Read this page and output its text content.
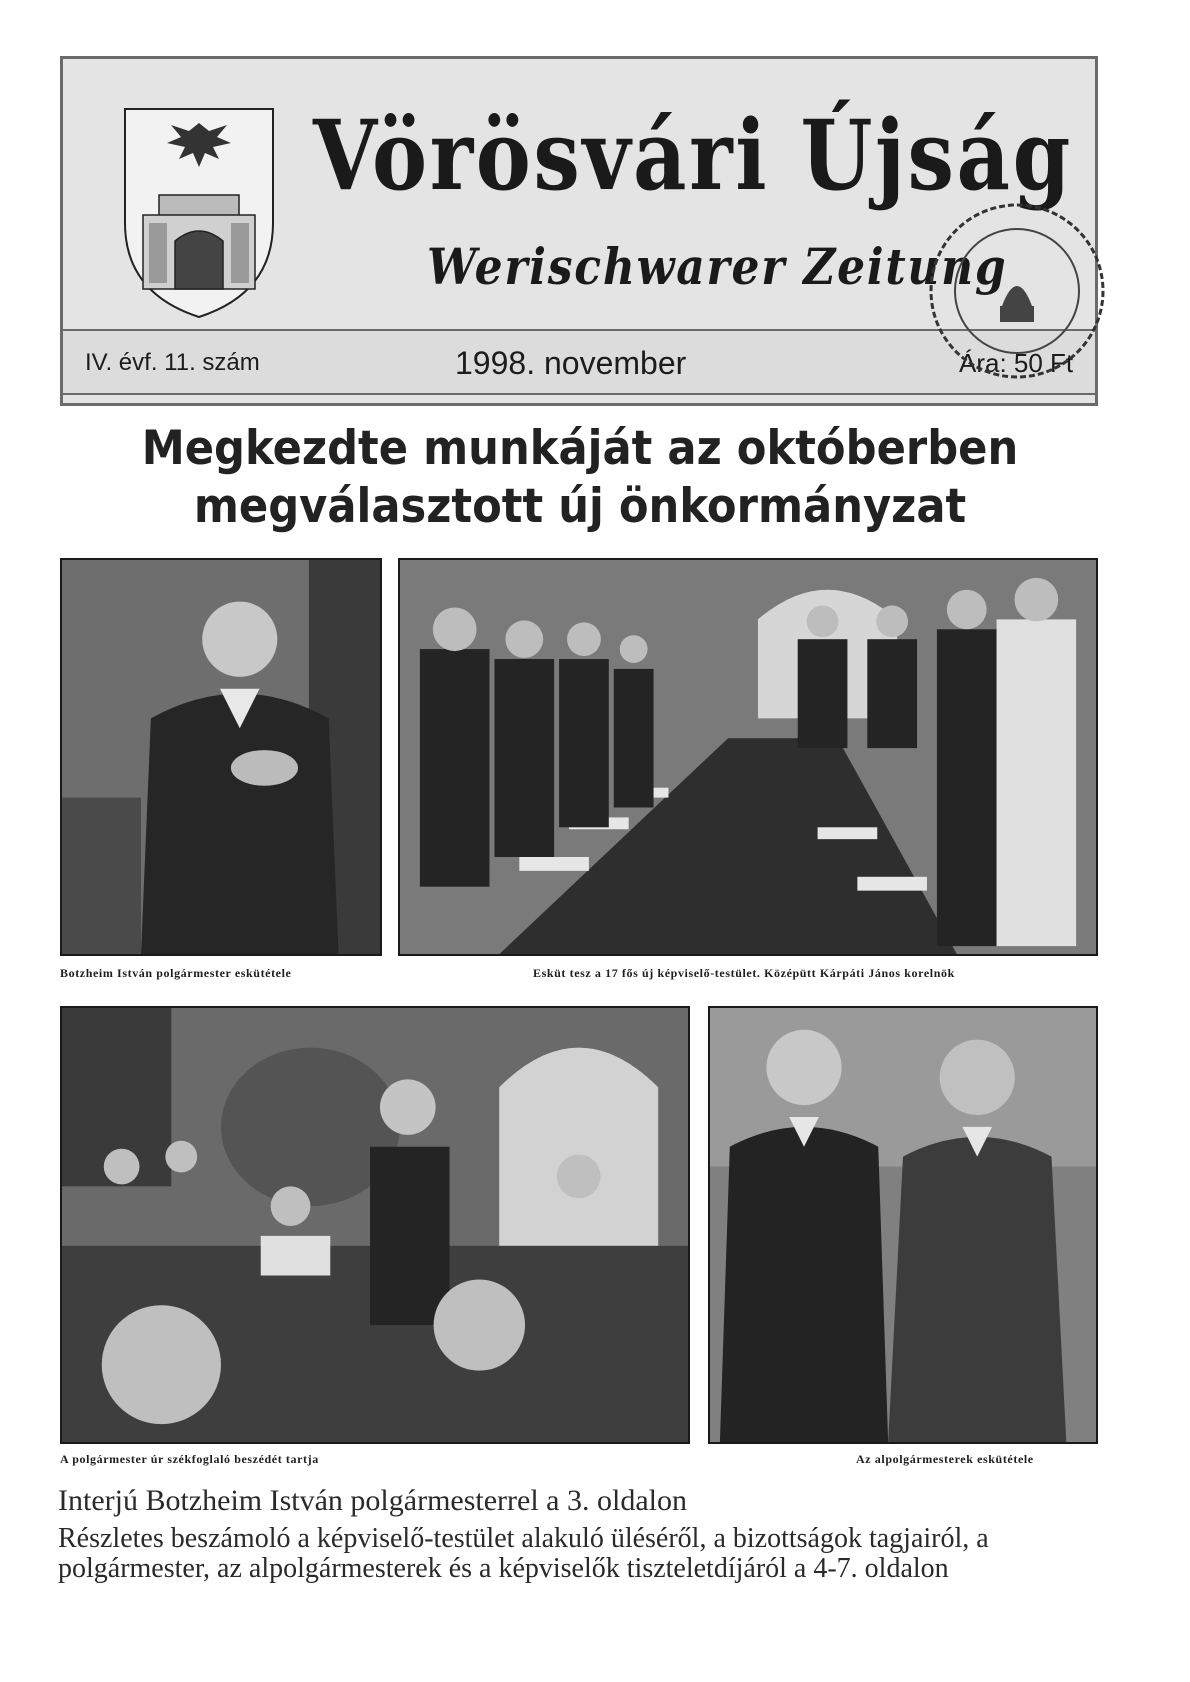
Vörösvári Újság
Werischwarer Zeitung
IV. évf. 11. szám	1998. november	Ára: 50 Ft
Megkezdte munkáját az októberben
megválasztott új önkormányzat
Botzheim István polgármester eskütétele	Esküt tesz a 17 fős új képviselő-testület. Középütt Kárpáti János korelnök
A polgármester úr székfoglaló beszédét tartja	Az alpolgármesterek eskütétele
Interjú Botzheim István polgármesterrel a 3. oldalon
Részletes beszámoló a képviselő-testület alakuló üléséről, a bizottságok tagjairól, a polgármester, az alpolgármesterek és a képviselők tiszteletdíjáról a 4-7. oldalon
